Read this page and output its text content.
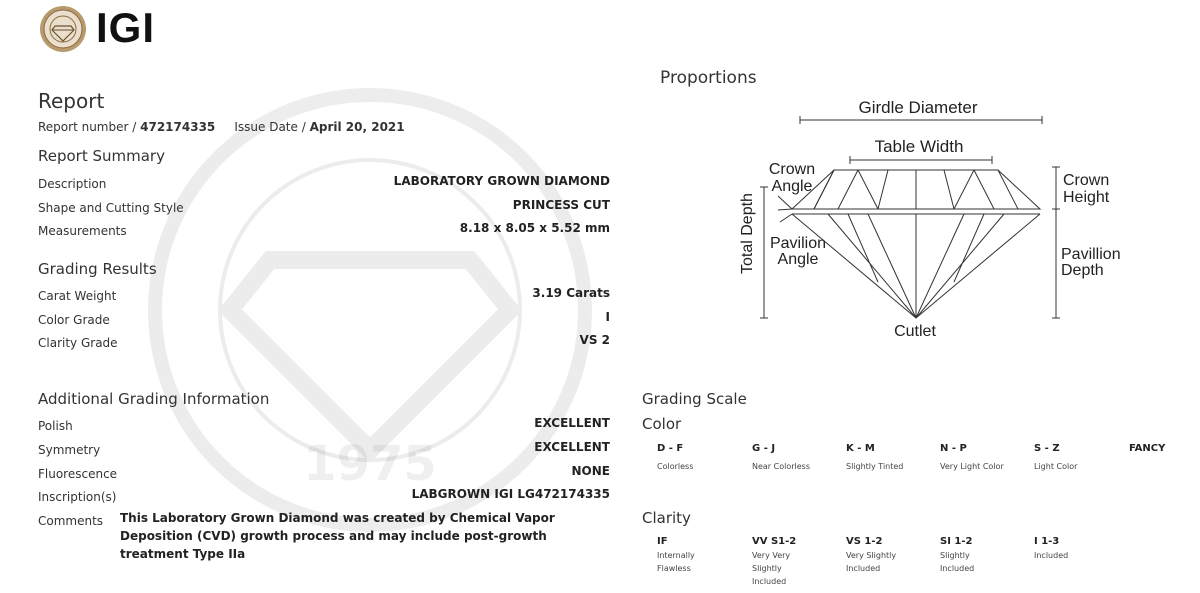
1975
IGI
Report
Report number / 472174335 Issue Date / April 20, 2021
Report Summary
Description	LABORATORY GROWN DIAMOND
Shape and Cutting Style	PRINCESS CUT
Measurements	8.18 x 8.05 x 5.52 mm
Grading Results
Carat Weight	3.19 Carats
Color Grade	I
Clarity Grade	VS 2
Additional Grading Information
Polish	EXCELLENT
Symmetry	EXCELLENT
Fluorescence	NONE
Inscription(s)	LABGROWN IGI LG472174335
Comments This Laboratory Grown Diamond was created by Chemical Vapor Deposition (CVD) growth process and may include post-growth treatment Type IIa
Proportions
Girdle Diameter
Table Width
Crown
Angle	Crown
Height
Total Depth Pavilion
Angle	Pavillion
Depth
Cutlet
Grading Scale
Color
D - F
Colorless
G - J
Near Colorless
K - M
Slightly Tinted
N - P
Very Light Color
S - Z
Light Color
FANCY
Clarity
IF
Internally Flawless
VV S1-2
Very Very Slightly Included
VS 1-2
Very Slightly Included
SI 1-2
Slightly Included
I 1-3
Included
